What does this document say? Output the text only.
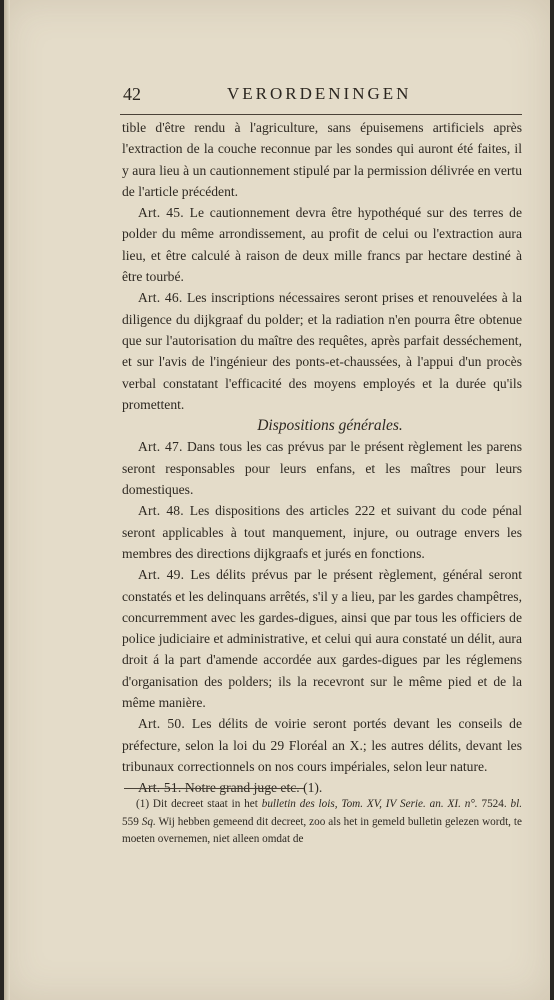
42	VERORDENINGEN

tible d'être rendu à l'agriculture, sans épuisemens artificiels après l'extraction de la couche reconnue par les sondes qui auront été faites, il y aura lieu à un cautionnement stipulé par la permission délivrée en vertu de l'article précédent.

Art. 45. Le cautionnement devra être hypothéqué sur des terres de polder du même arrondissement, au profit de celui ou l'extraction aura lieu, et être calculé à raison de deux mille francs par hectare destiné à être tourbé.

Art. 46. Les inscriptions nécessaires seront prises et renouvelées à la diligence du dijkgraaf du polder; et la radiation n'en pourra être obtenue que sur l'autorisation du maître des requêtes, après parfait desséchement, et sur l'avis de l'ingénieur des ponts-et-chaussées, à l'appui d'un procès verbal constatant l'efficacité des moyens employés et la durée qu'ils promettent.

Dispositions générales.

Art. 47. Dans tous les cas prévus par le présent règlement les parens seront responsables pour leurs enfans, et les maîtres pour leurs domestiques.

Art. 48. Les dispositions des articles 222 et suivant du code pénal seront applicables à tout manquement, injure, ou outrage envers les membres des directions dijkgraafs et jurés en fonctions.

Art. 49. Les délits prévus par le présent règlement, général seront constatés et les delinquans arrêtés, s'il y a lieu, par les gardes champêtres, concurremment avec les gardes-digues, ainsi que par tous les officiers de police judiciaire et administrative, et celui qui aura constaté un délit, aura droit á la part d'amende accordée aux gardes-digues par les réglemens d'organisation des polders; ils la recevront sur le même pied et de la même manière.

Art. 50. Les délits de voirie seront portés devant les conseils de préfecture, selon la loi du 29 Floréal an X.; les autres délits, devant les tribunaux correctionnels on nos cours impériales, selon leur nature.

Art. 51. Notre grand juge etc. (1).

(1) Dit decreet staat in het bulletin des lois, Tom. XV, IV Serie. an. XI. n°. 7524. bl. 559 Sq. Wij hebben gemeend dit decreet, zoo als het in gemeld bulletin gelezen wordt, te moeten overnemen, niet alleen omdat de
